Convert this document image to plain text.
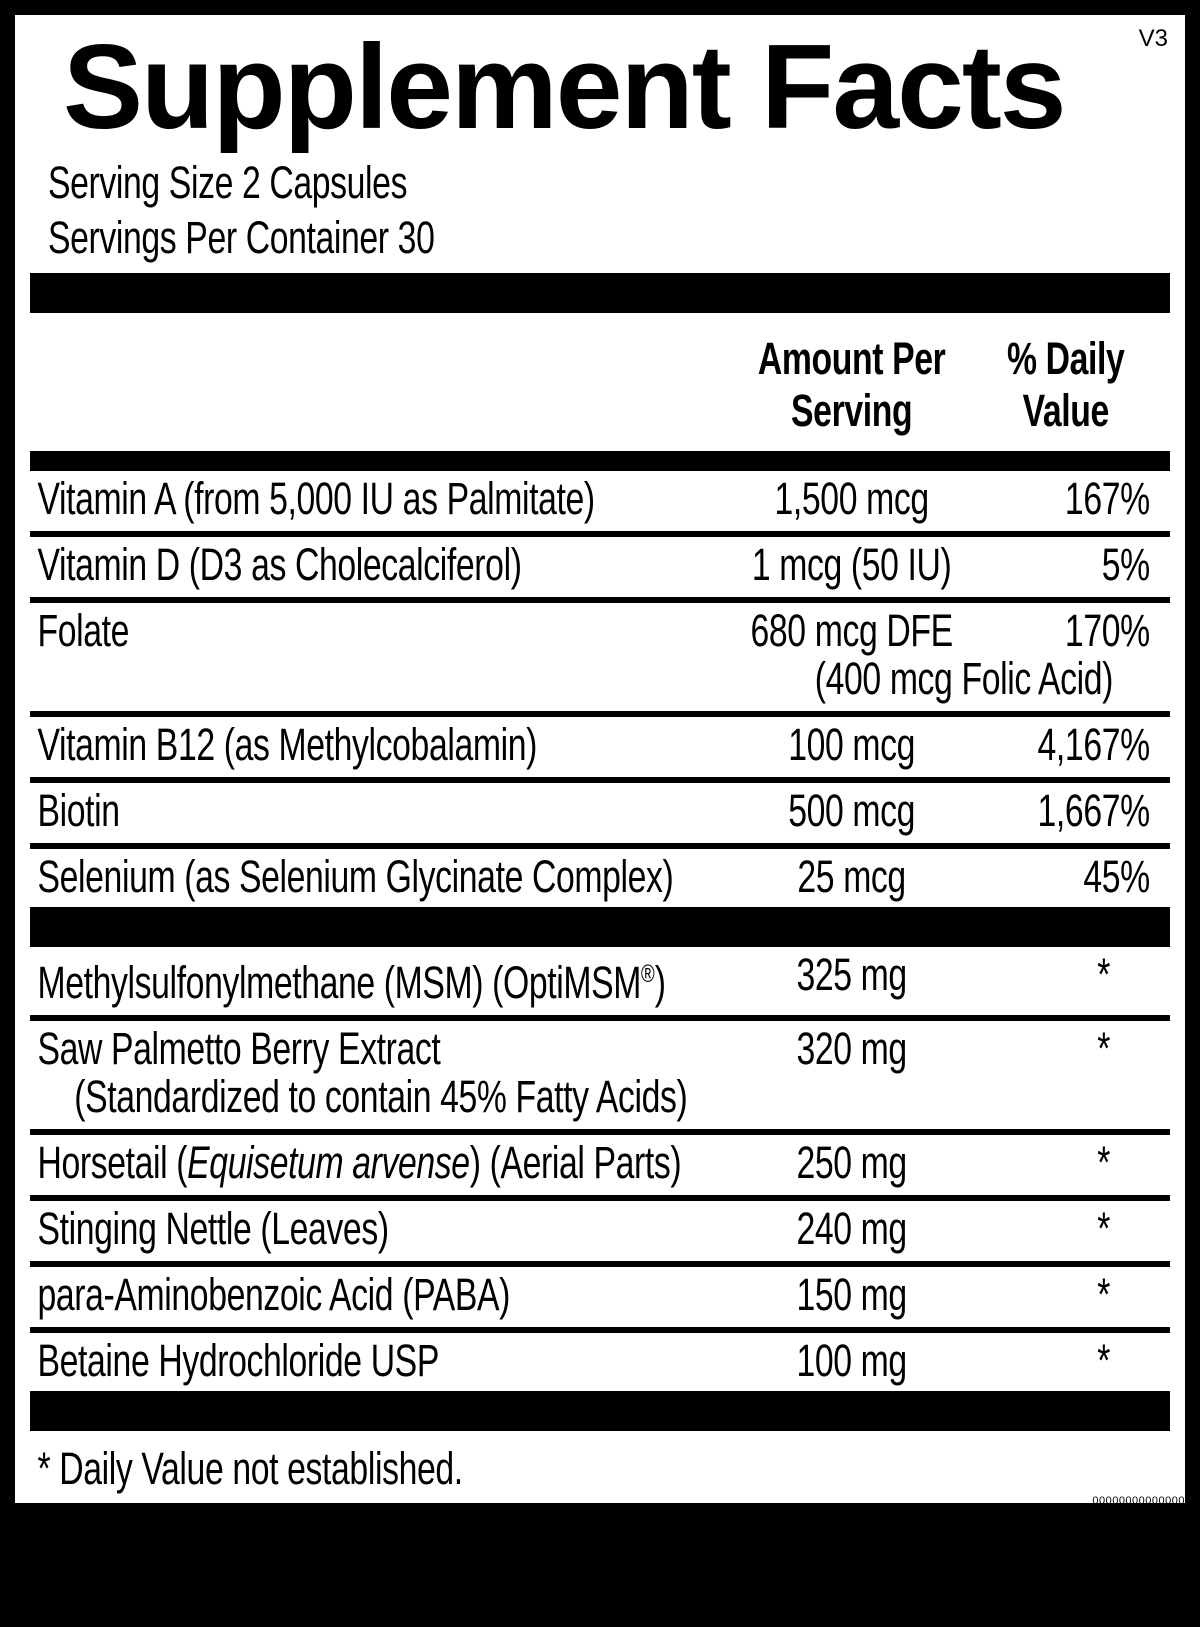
Supplement Facts	V3
Serving Size 2 Capsules
Servings Per Container 30
Amount Per
Serving
% Daily
Value
Vitamin A (from 5,000 IU as Palmitate)	1,500 mcg	167%
Vitamin D (D3 as Cholecalciferol)	1 mcg (50 IU)	5%
Folate	680 mcg DFE	170%
(400 mcg Folic Acid)
Vitamin B12 (as Methylcobalamin)	100 mcg	4,167%
Biotin	500 mcg	1,667%
Selenium (as Selenium Glycinate Complex)	25 mcg	45%
Methylsulfonylmethane (MSM) (OptiMSM®)	325 mg	*
Saw Palmetto Berry Extract	320 mg	*
(Standardized to contain 45% Fatty Acids)
Horsetail (Equisetum arvense) (Aerial Parts)	250 mg	*
Stinging Nettle (Leaves)	240 mg	*
para-Aminobenzoic Acid (PABA)	150 mg	*
Betaine Hydrochloride USP	100 mg	*
* Daily Value not established.
00000000000000
